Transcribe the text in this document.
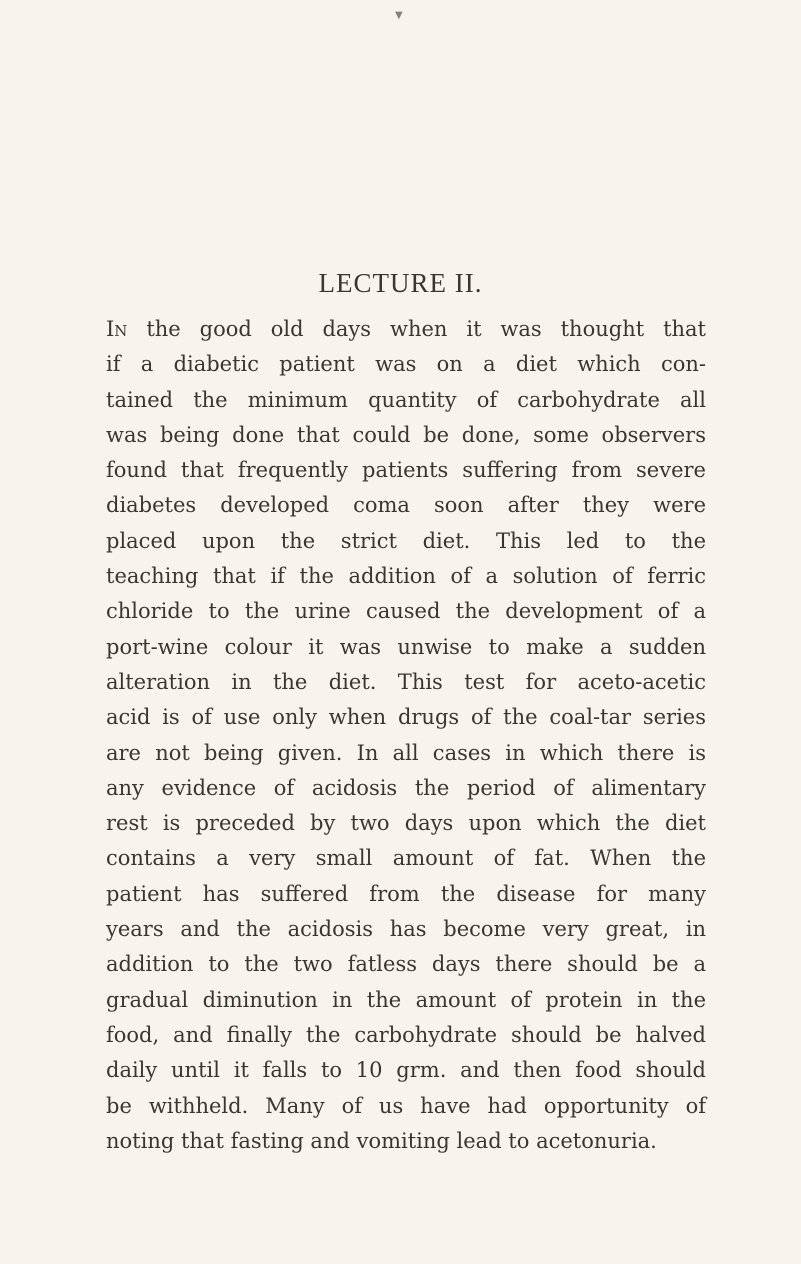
▼
LECTURE II.
In the good old days when it was thought that
if a diabetic patient was on a diet which con-
tained the minimum quantity of carbohydrate all
was being done that could be done, some observers
found that frequently patients suffering from severe
diabetes developed coma soon after they were
placed upon the strict diet. This led to the
teaching that if the addition of a solution of ferric
chloride to the urine caused the development of a
port-wine colour it was unwise to make a sudden
alteration in the diet. This test for aceto-acetic
acid is of use only when drugs of the coal-tar series
are not being given. In all cases in which there is
any evidence of acidosis the period of alimentary
rest is preceded by two days upon which the diet
contains a very small amount of fat. When the
patient has suffered from the disease for many
years and the acidosis has become very great, in
addition to the two fatless days there should be a
gradual diminution in the amount of protein in the
food, and finally the carbohydrate should be halved
daily until it falls to 10 grm. and then food should
be withheld. Many of us have had opportunity of
noting that fasting and vomiting lead to acetonuria.
